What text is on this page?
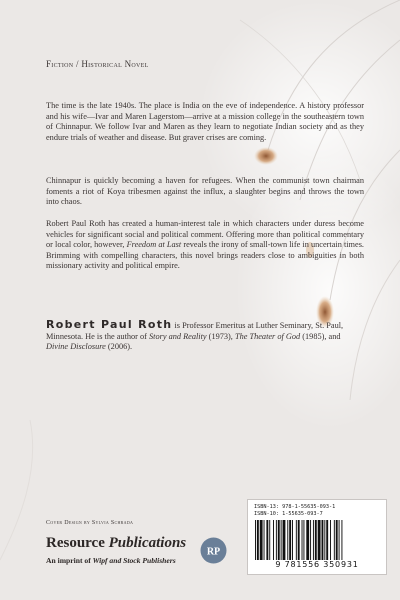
Fiction / Historical Novel
The time is the late 1940s. The place is India on the eve of independence. A history professor and his wife—Ivar and Maren Lagerstom—arrive at a mission college in the southeastern town of Chinnapur. We follow Ivar and Maren as they learn to negotiate Indian society and as they endure trials of weather and disease. But graver crises are coming.
Chinnapur is quickly becoming a haven for refugees. When the communist town chairman foments a riot of Koya tribesmen against the influx, a slaughter begins and throws the town into chaos.
Robert Paul Roth has created a human-interest tale in which characters under duress become vehicles for significant social and political comment. Offering more than political commentary or local color, however, Freedom at Last reveals the irony of small-town life in uncertain times. Brimming with compelling characters, this novel brings readers close to ambiguities in both missionary activity and political empire.
Robert Paul Roth is Professor Emeritus at Luther Seminary, St. Paul, Minnesota. He is the author of Story and Reality (1973), The Theater of God (1985), and Divine Disclosure (2006).
Cover Design by Sylvia Schrada
Resource Publications
An imprint of Wipf and Stock Publishers
RP
ISBN-13: 978-1-55635-093-1
ISBN-10: 1-55635-093-7
9 781556 350931
